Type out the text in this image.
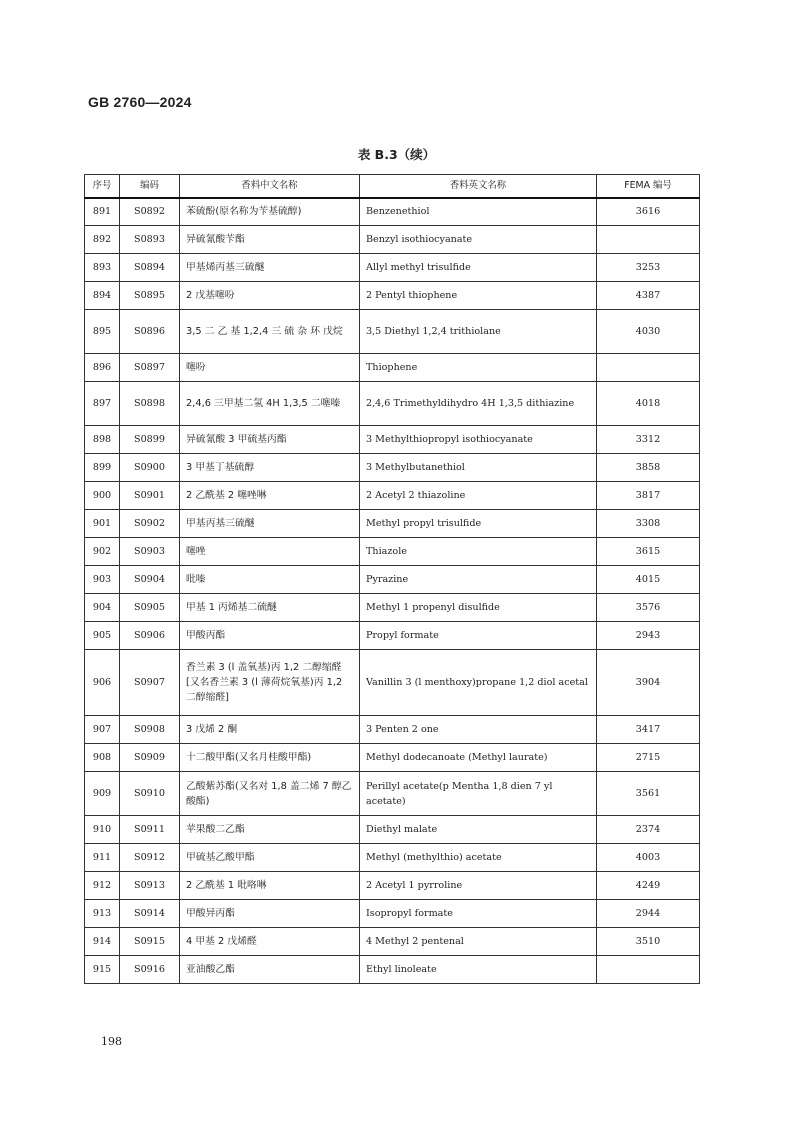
GB 2760—2024
表 B.3（续）
序号	编码	香料中文名称	香料英文名称	FEMA 编号
891	S0892	苯硫酚(原名称为苄基硫醇)	Benzenethiol	3616
892	S0893	异硫氰酸苄酯	Benzyl isothiocyanate	
893	S0894	甲基烯丙基三硫醚	Allyl methyl trisulfide	3253
894	S0895	2 戊基噻吩	2 Pentyl thiophene	4387
895	S0896	3,5 二 乙 基 1,2,4 三 硫 杂 环 戊烷	3,5 Diethyl 1,2,4 trithiolane	4030
896	S0897	噻吩	Thiophene	
897	S0898	2,4,6 三甲基二氢 4H 1,3,5 二噻嗪	2,4,6 Trimethyldihydro 4H 1,3,5 dithiazine	4018
898	S0899	异硫氰酸 3 甲硫基丙酯	3 Methylthiopropyl isothiocyanate	3312
899	S0900	3 甲基丁基硫醇	3 Methylbutanethiol	3858
900	S0901	2 乙酰基 2 噻唑啉	2 Acetyl 2 thiazoline	3817
901	S0902	甲基丙基三硫醚	Methyl propyl trisulfide	3308
902	S0903	噻唑	Thiazole	3615
903	S0904	吡嗪	Pyrazine	4015
904	S0905	甲基 1 丙烯基二硫醚	Methyl 1 propenyl disulfide	3576
905	S0906	甲酸丙酯	Propyl formate	2943
906	S0907	香兰素 3 (l 盖氧基)丙 1,2 二醇缩醛[又名香兰素 3 (l 薄荷烷氧基)丙 1,2 二醇缩醛]	Vanillin 3 (l menthoxy)propane 1,2 diol acetal	3904
907	S0908	3 戊烯 2 酮	3 Penten 2 one	3417
908	S0909	十二酸甲酯(又名月桂酸甲酯)	Methyl dodecanoate (Methyl laurate)	2715
909	S0910	乙酸紫苏酯(又名对 1,8 盖二烯 7 醇乙酸酯)	Perillyl acetate(p Mentha 1,8 dien 7 yl acetate)	3561
910	S0911	苹果酸二乙酯	Diethyl malate	2374
911	S0912	甲硫基乙酸甲酯	Methyl (methylthio) acetate	4003
912	S0913	2 乙酰基 1 吡咯啉	2 Acetyl 1 pyrroline	4249
913	S0914	甲酸异丙酯	Isopropyl formate	2944
914	S0915	4 甲基 2 戊烯醛	4 Methyl 2 pentenal	3510
915	S0916	亚油酸乙酯	Ethyl linoleate	
198
